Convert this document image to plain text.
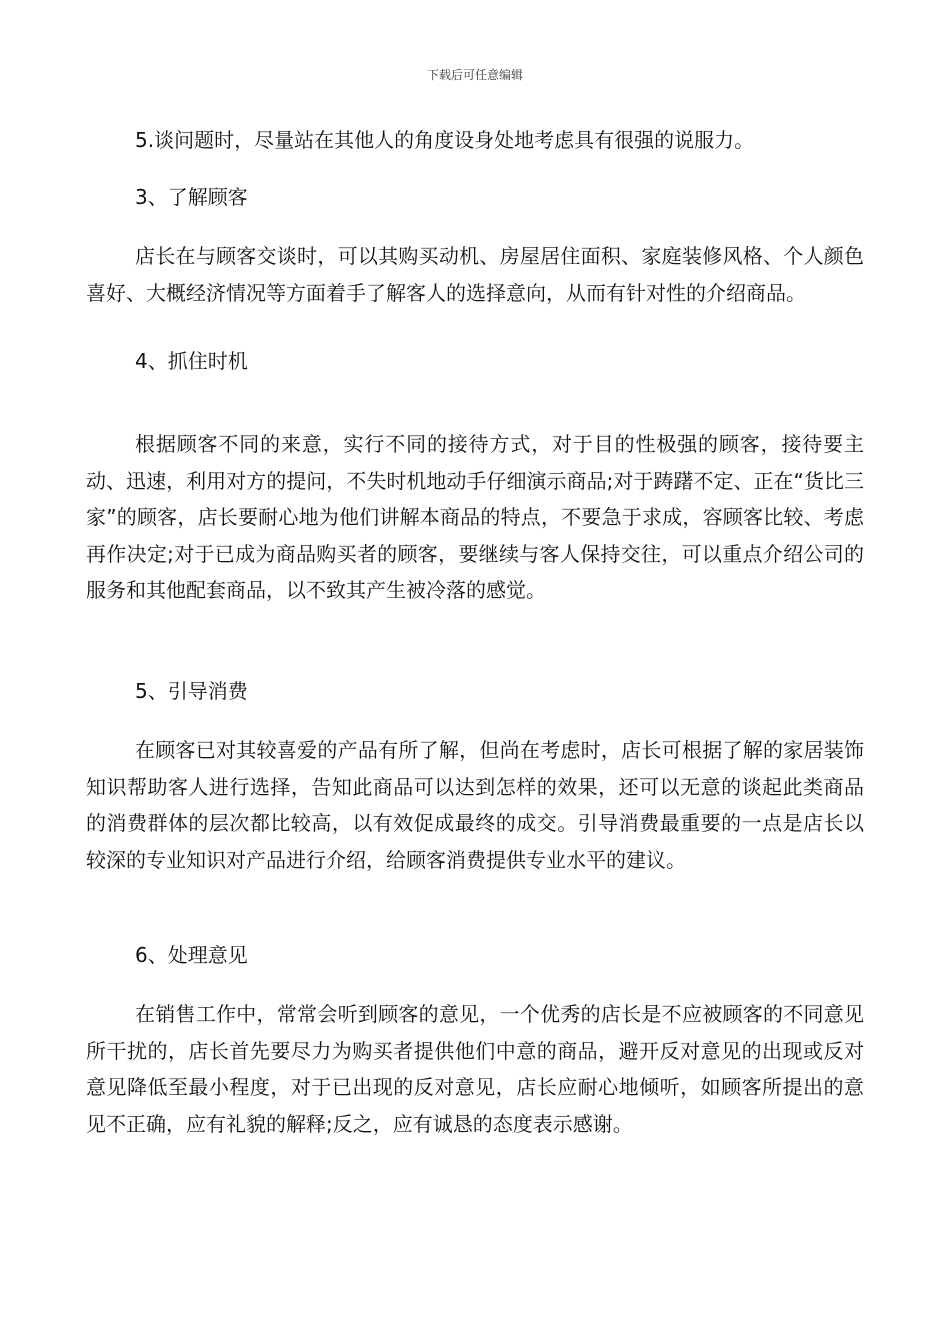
下载后可任意编辑
5.谈问题时，尽量站在其他人的角度设身处地考虑具有很强的说服力。
3、了解顾客
店长在与顾客交谈时，可以其购买动机、房屋居住面积、家庭装修风格、个人颜色喜好、大概经济情况等方面着手了解客人的选择意向，从而有针对性的介绍商品。
4、抓住时机
根据顾客不同的来意，实行不同的接待方式，对于目的性极强的顾客，接待要主动、迅速，利用对方的提问，不失时机地动手仔细演示商品;对于踌躇不定、正在“货比三家”的顾客，店长要耐心地为他们讲解本商品的特点，不要急于求成，容顾客比较、考虑再作决定;对于已成为商品购买者的顾客，要继续与客人保持交往，可以重点介绍公司的服务和其他配套商品，以不致其产生被冷落的感觉。
5、引导消费
在顾客已对其较喜爱的产品有所了解，但尚在考虑时，店长可根据了解的家居装饰知识帮助客人进行选择，告知此商品可以达到怎样的效果，还可以无意的谈起此类商品的消费群体的层次都比较高，以有效促成最终的成交。引导消费最重要的一点是店长以较深的专业知识对产品进行介绍，给顾客消费提供专业水平的建议。
6、处理意见
在销售工作中，常常会听到顾客的意见，一个优秀的店长是不应被顾客的不同意见所干扰的，店长首先要尽力为购买者提供他们中意的商品，避开反对意见的出现或反对意见降低至最小程度，对于已出现的反对意见，店长应耐心地倾听，如顾客所提出的意见不正确，应有礼貌的解释;反之，应有诚恳的态度表示感谢。
